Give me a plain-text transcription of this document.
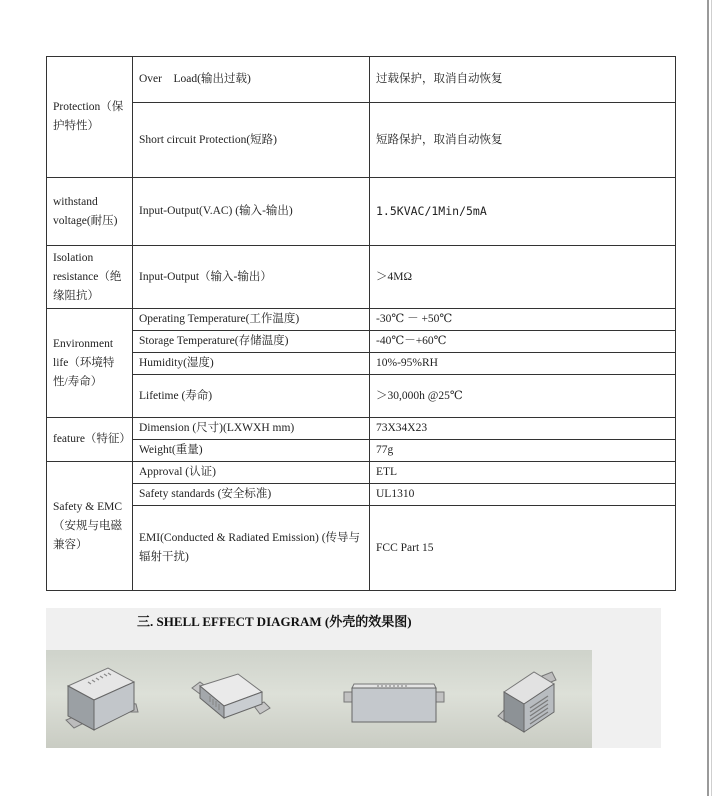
Protection（保护特性）	Over　Load(输出过载)	过载保护，取消自动恢复
	Short circuit Protection(短路)	短路保护，取消自动恢复
withstand voltage(耐压)	Input-Output(V.AC) (输入-输出)	1.5KVAC/1Min/5mA
Isolation resistance（绝缘阻抗）	Input-Output（输入-输出）	＞4MΩ
Environment life（环境特性/寿命）	Operating Temperature(工作温度)	-30℃ － +50℃
	Storage Temperature(存储温度)	-40℃－+60℃
	Humidity(湿度)	10%-95%RH
	Lifetime (寿命)	＞30,000h @25℃
feature（特征）	Dimension (尺寸)(LXWXH mm)	73X34X23
	Weight(重量)	77g
Safety & EMC（安规与电磁兼容）	Approval (认证)	ETL
	Safety standards (安全标准)	UL1310
	EMI(Conducted & Radiated Emission) (传导与辐射干扰)	FCC Part 15
三. SHELL EFFECT DIAGRAM (外壳的效果图)
